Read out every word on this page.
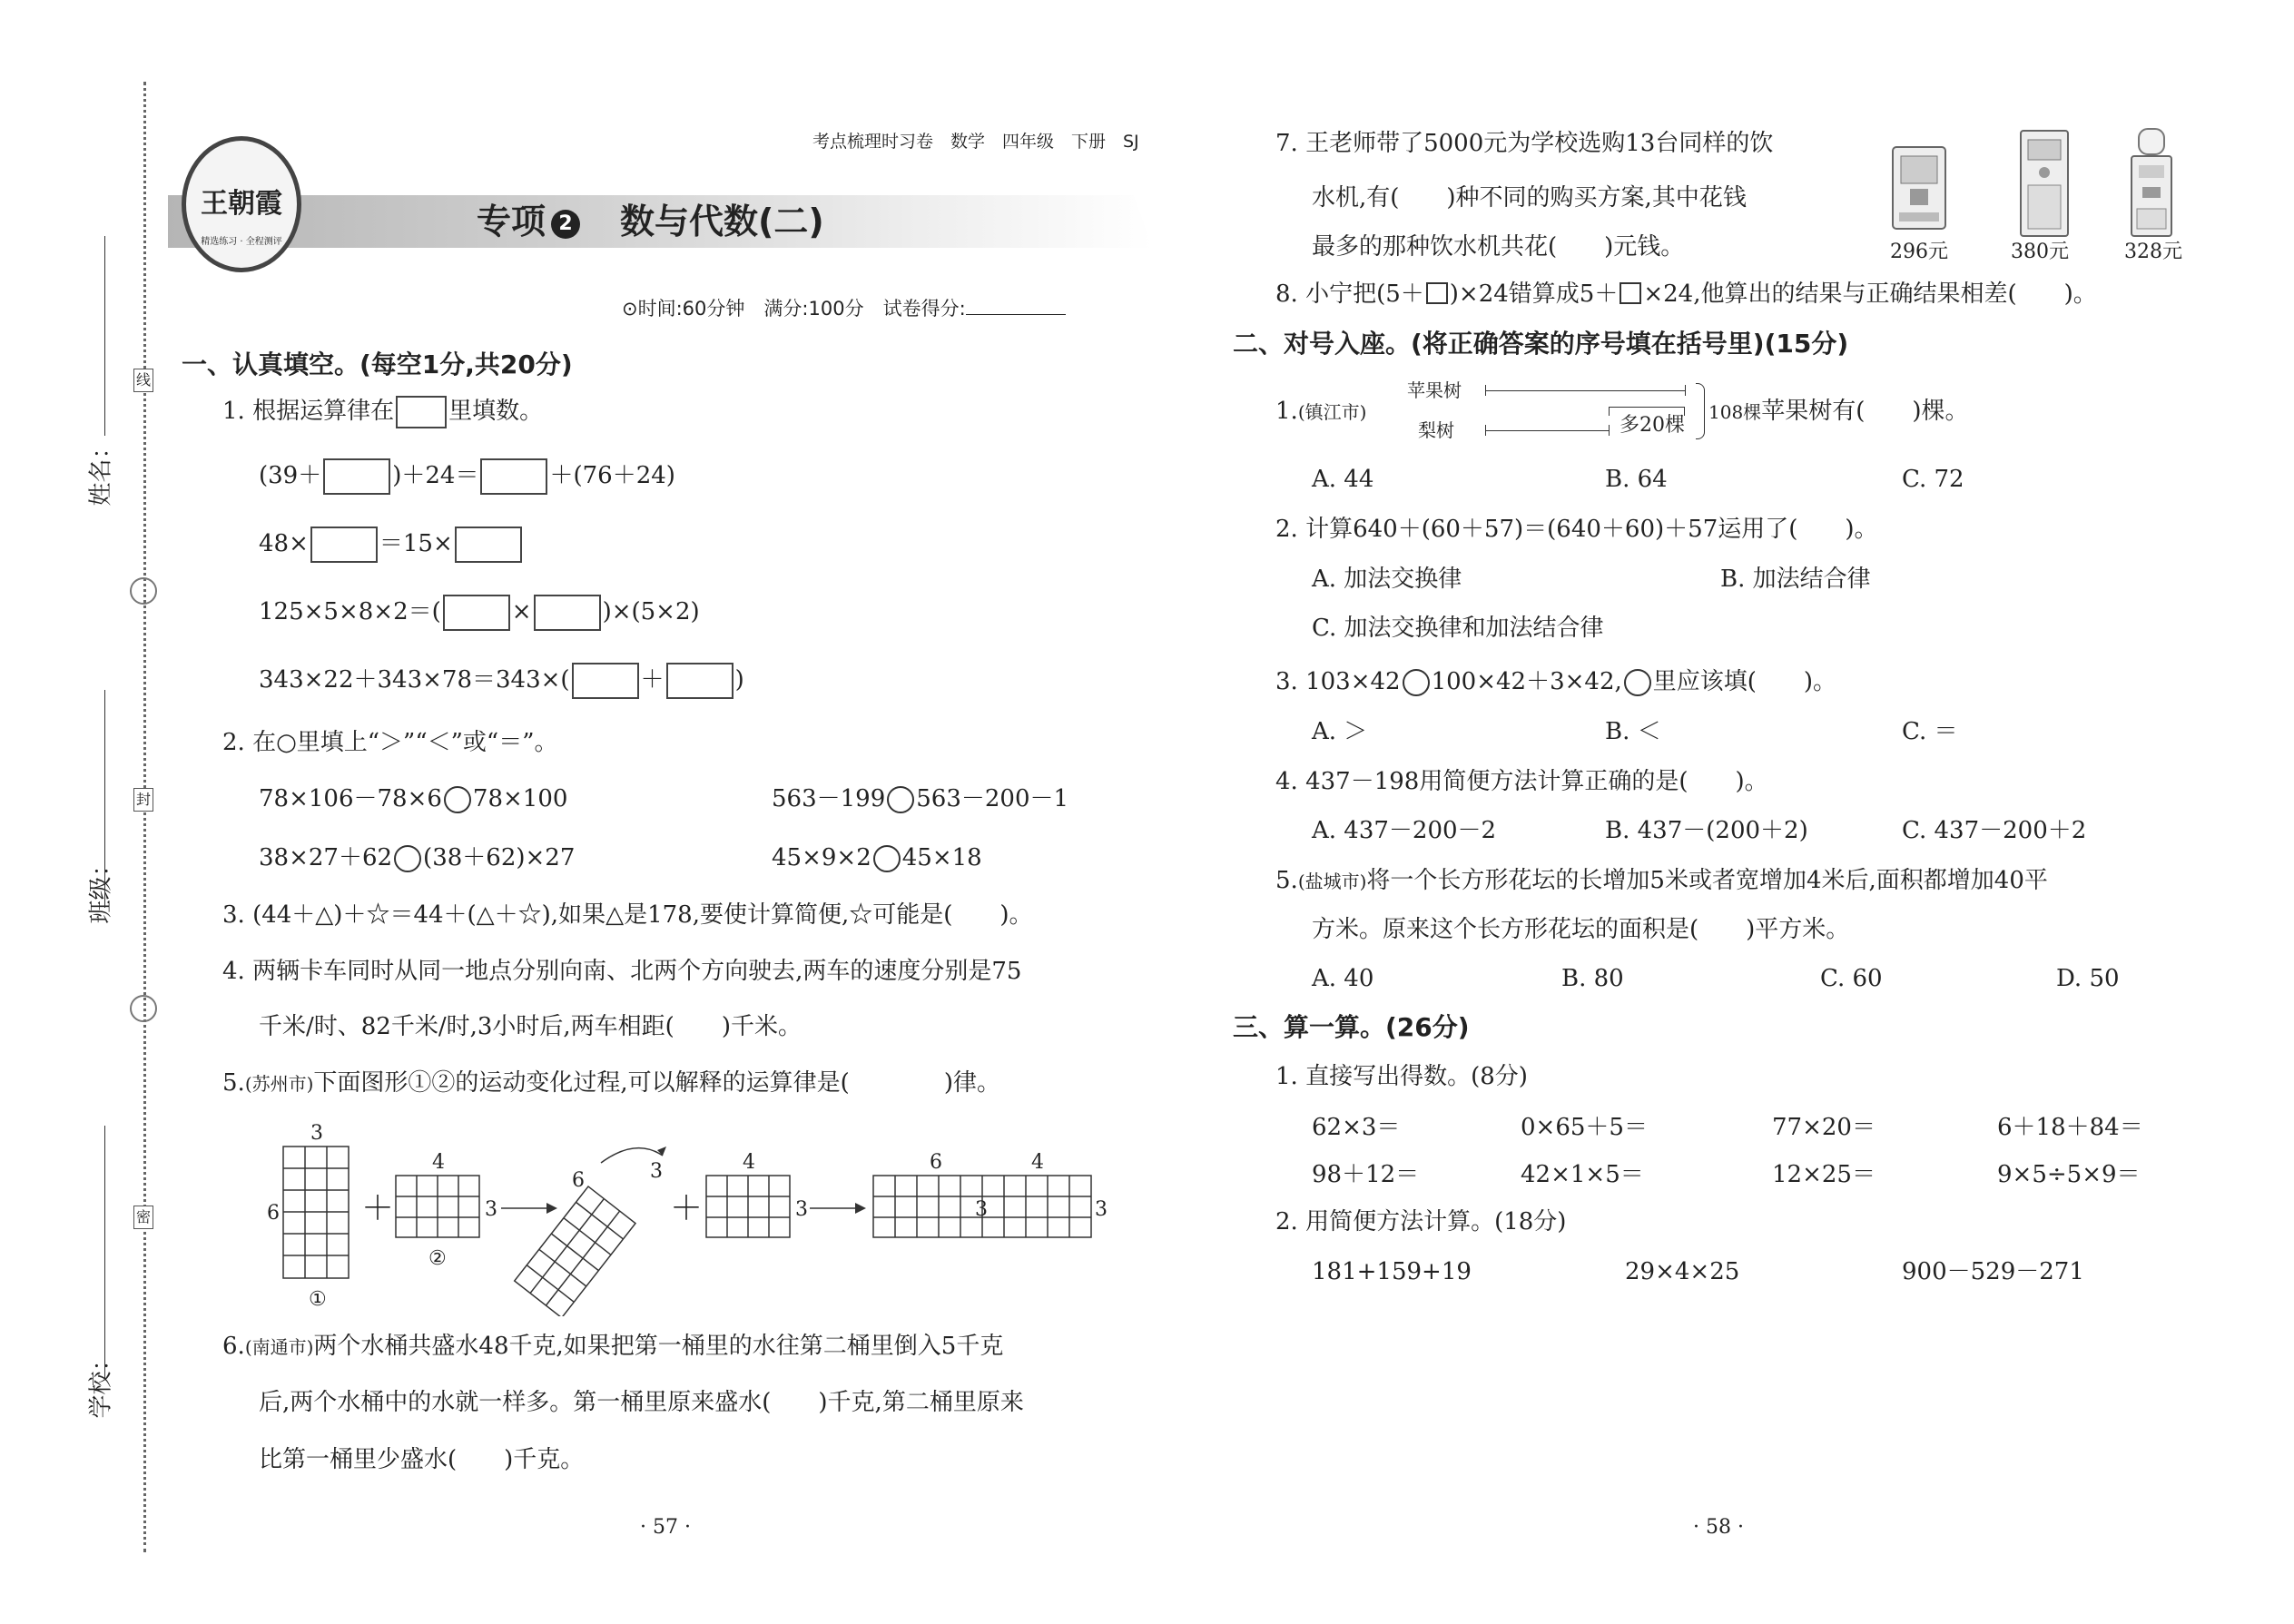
姓名：
班级：
学校：
线
封
密
王朝霞
精选练习 · 全程测评
考点梳理时习卷　数学　四年级　下册　SJ
专项 2 数与代数(二)
⊙时间:60分钟　满分:100分　试卷得分:
一、认真填空。(每空1分,共20分)
1. 根据运算律在 里填数。
(39＋	)＋24＝	＋(76＋24)
48×	＝15×
125×5×8×2＝(	×	)×(5×2)
343×22＋343×78＝343×(	＋	)
2. 在○里填上“＞”“＜”或“＝”。
78×106－78×6 78×100	563－199 563－200－1
38×27＋62 (38＋62)×27	45×9×2 45×18
3. (44＋△)＋☆＝44＋(△＋☆),如果△是178,要使计算简便,☆可能是(　　)。
4. 两辆卡车同时从同一地点分别向南、北两个方向驶去,两车的速度分别是75
千米/时、82千米/时,3小时后,两车相距(　　)千米。
5.(苏州市)下面图形①②的运动变化过程,可以解释的运算律是(　　　　)律。
3
6
①
4
3
②
6	3	4
3
6	4
3	3
＋	＋
6.(南通市)两个水桶共盛水48千克,如果把第一桶里的水往第二桶里倒入5千克
后,两个水桶中的水就一样多。第一桶里原来盛水(　　)千克,第二桶里原来
比第一桶里少盛水(　　)千克。
· 57 ·
7. 王老师带了5000元为学校选购13台同样的饮
水机,有(　　)种不同的购买方案,其中花钱
最多的那种饮水机共花(　　)元钱。	296元	380元	328元
8. 小宁把(5＋ )×24错算成5＋ ×24,他算出的结果与正确结果相差(　　)。
二、对号入座。(将正确答案的序号填在括号里)(15分)
1.(镇江市)
苹果树
梨树	多20棵
108棵苹果树有(　　)棵。
A. 44	B. 64	C. 72
2. 计算640＋(60＋57)＝(640＋60)＋57运用了(　　)。
A. 加法交换律	B. 加法结合律
C. 加法交换律和加法结合律
3. 103×42 100×42＋3×42, 里应该填(　　)。
A. ＞	B. ＜	C. ＝
4. 437－198用简便方法计算正确的是(　　)。
A. 437－200－2	B. 437－(200＋2)	C. 437－200＋2
5.(盐城市)将一个长方形花坛的长增加5米或者宽增加4米后,面积都增加40平
方米。原来这个长方形花坛的面积是(　　)平方米。
A. 40	B. 80	C. 60	D. 50
三、算一算。(26分)
1. 直接写出得数。(8分)
62×3＝	0×65＋5＝	77×20＝	6＋18＋84＝
98＋12＝	42×1×5＝	12×25＝	9×5÷5×9＝
2. 用简便方法计算。(18分)
181+159+19	29×4×25	900－529－271
· 58 ·
